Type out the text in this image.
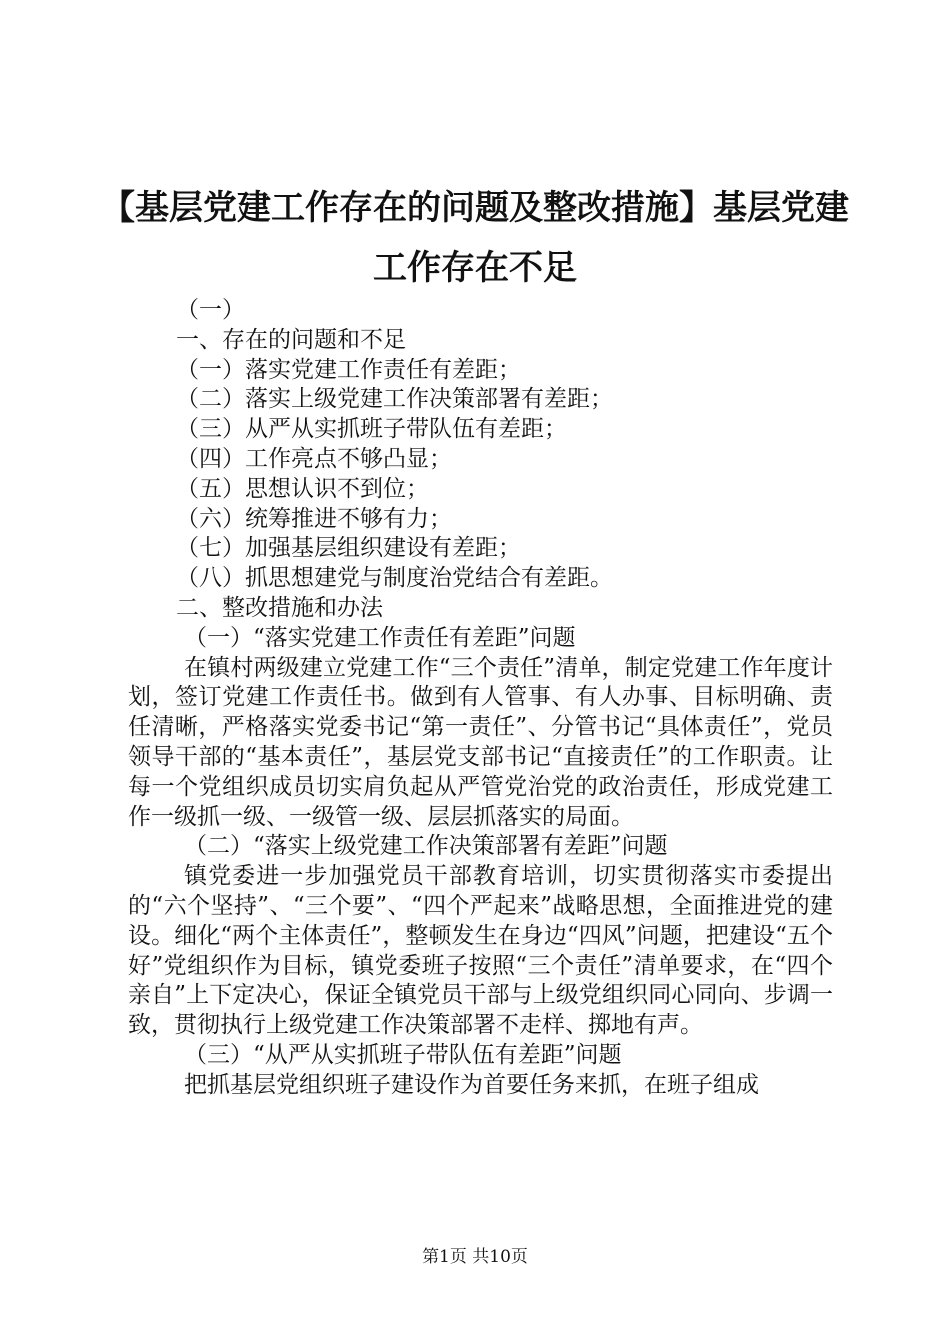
【基层党建工作存在的问题及整改措施】基层党建工作存在不足
（一）
一、存在的问题和不足
（一）落实党建工作责任有差距；
（二）落实上级党建工作决策部署有差距；
（三）从严从实抓班子带队伍有差距；
（四）工作亮点不够凸显；
（五）思想认识不到位；
（六）统筹推进不够有力；
（七）加强基层组织建设有差距；
（八）抓思想建党与制度治党结合有差距。
二、整改措施和办法
（一）“落实党建工作责任有差距”问题
在镇村两级建立党建工作“三个责任”清单，制定党建工作年度计划，签订党建工作责任书。做到有人管事、有人办事、目标明确、责任清晰，严格落实党委书记“第一责任”、分管书记“具体责任”，党员领导干部的“基本责任”，基层党支部书记“直接责任”的工作职责。让每一个党组织成员切实肩负起从严管党治党的政治责任，形成党建工作一级抓一级、一级管一级、层层抓落实的局面。
（二）“落实上级党建工作决策部署有差距”问题
镇党委进一步加强党员干部教育培训，切实贯彻落实市委提出的“六个坚持”、“三个要”、“四个严起来”战略思想，全面推进党的建设。细化“两个主体责任”，整顿发生在身边“四风”问题，把建设“五个好”党组织作为目标，镇党委班子按照“三个责任”清单要求，在“四个亲自”上下定决心，保证全镇党员干部与上级党组织同心同向、步调一致，贯彻执行上级党建工作决策部署不走样、掷地有声。
（三）“从严从实抓班子带队伍有差距”问题
把抓基层党组织班子建设作为首要任务来抓，在班子组成
第1页 共10页
